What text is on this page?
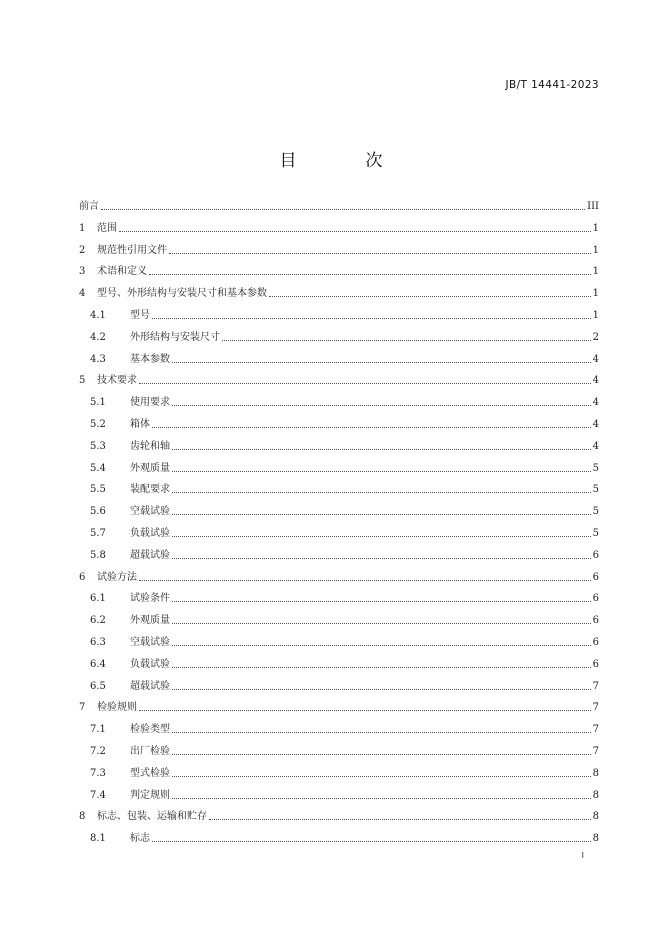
JB/T 14441-2023
目　次
前言	III
1	范围	1
2	规范性引用文件	1
3	术语和定义	1
4	型号、外形结构与安装尺寸和基本参数	1
4.1	型号	1
4.2	外形结构与安装尺寸	2
4.3	基本参数	4
5	技术要求	4
5.1	使用要求	4
5.2	箱体	4
5.3	齿轮和轴	4
5.4	外观质量	5
5.5	装配要求	5
5.6	空载试验	5
5.7	负载试验	5
5.8	超载试验	6
6	试验方法	6
6.1	试验条件	6
6.2	外观质量	6
6.3	空载试验	6
6.4	负载试验	6
6.5	超载试验	7
7	检验规则	7
7.1	检验类型	7
7.2	出厂检验	7
7.3	型式检验	8
7.4	判定规则	8
8	标志、包装、运输和贮存	8
8.1	标志	8
I
